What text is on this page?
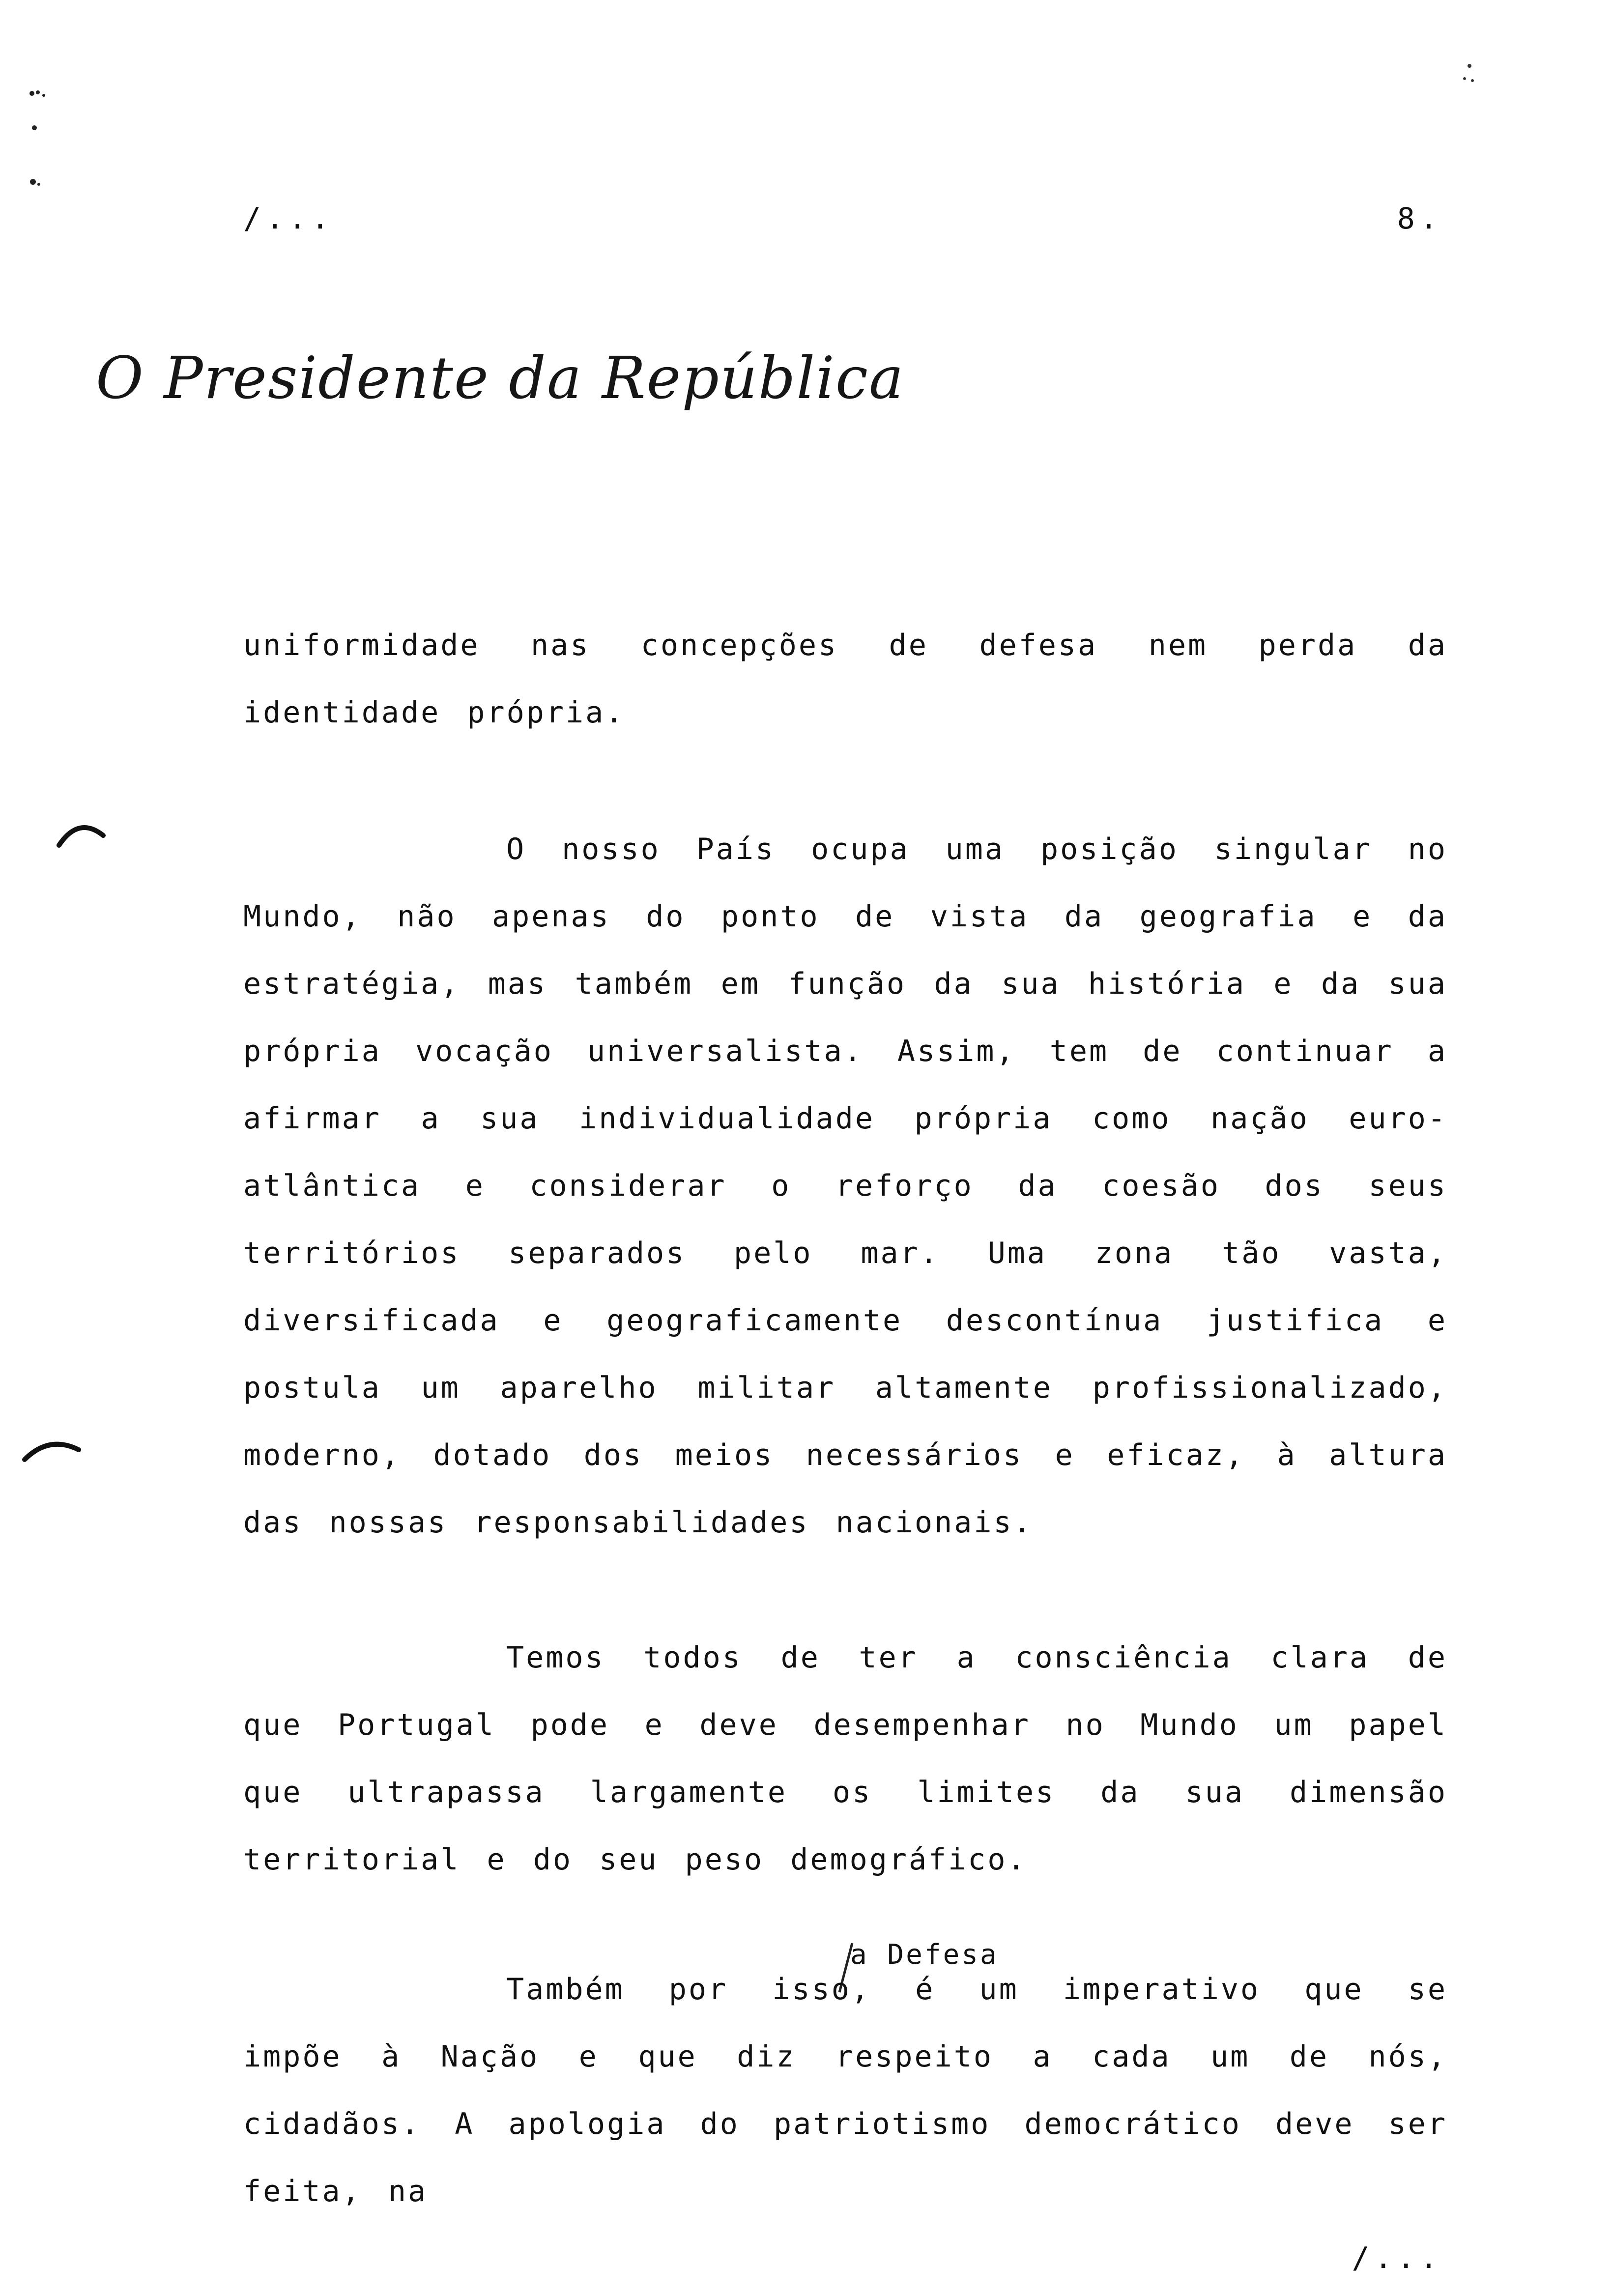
/...	8.
O Presidente da República

uniformidade nas concepções de defesa nem perda da identidade própria.

O nosso País ocupa uma posição singular no Mundo, não apenas do ponto de vista da geografia e da estratégia, mas também em função da sua história e da sua própria vocação universalista. Assim, tem de continuar a afirmar a sua individualidade própria como nação euro-atlântica e considerar o reforço da coesão dos seus territórios separados pelo mar. Uma zona tão vasta, diversificada e geograficamente descontínua justifica e postula um aparelho militar altamente profissionalizado, moderno, dotado dos meios necessários e eficaz, à altura das nossas responsabilidades nacionais.

Temos todos de ter a consciência clara de que Portugal pode e deve desempenhar no Mundo um papel que ultrapassa largamente os limites da sua dimensão territorial e do seu peso demográfico.

a Defesa

Também por isso, é um imperativo que se impõe à Nação e que diz respeito a cada um de nós, cidadãos. A apologia do patriotismo democrático deve ser feita, na

/...
